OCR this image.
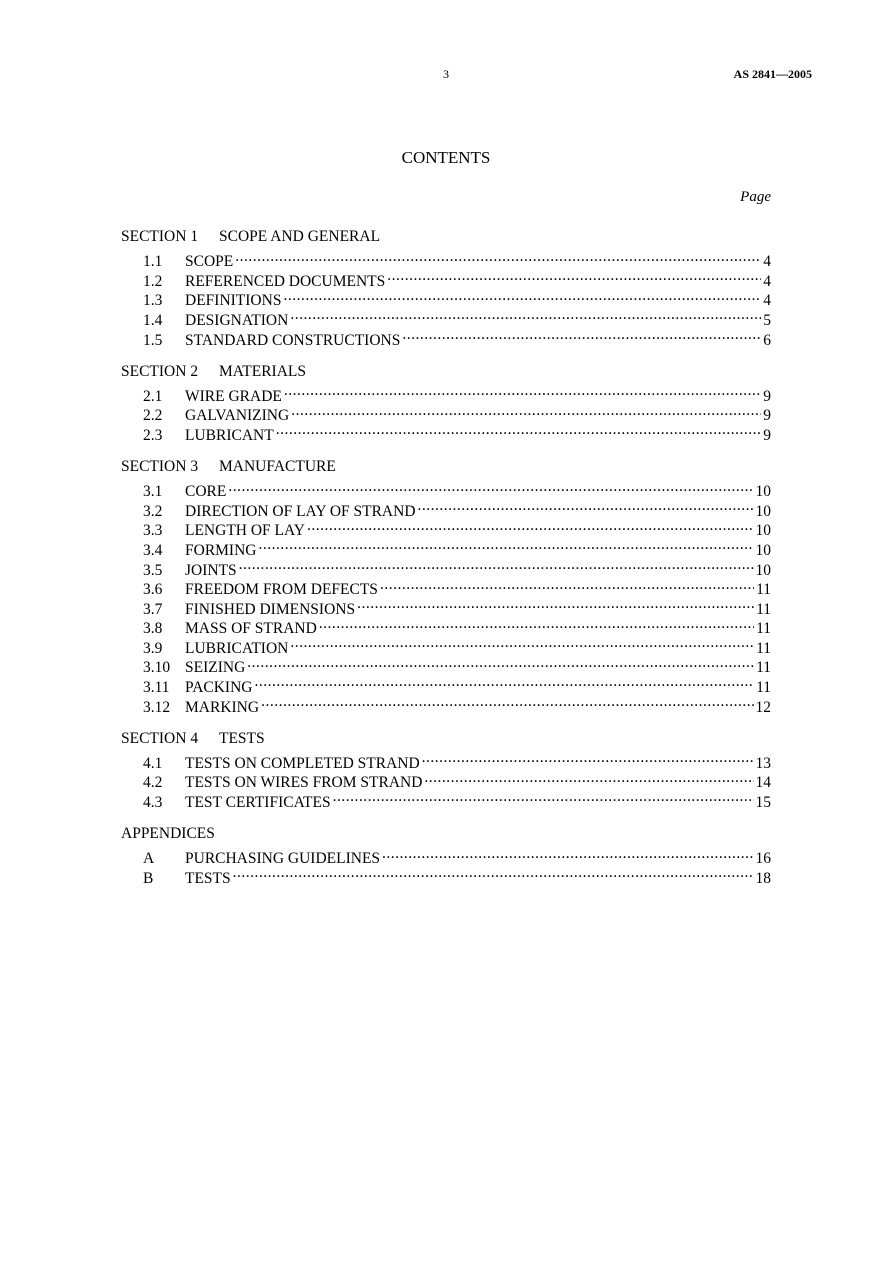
3	AS 2841—2005
CONTENTS
Page
SECTION 1 SCOPE AND GENERAL
1.1	SCOPE .....	4
1.2	REFERENCED DOCUMENTS .....	4
1.3	DEFINITIONS .....	4
1.4	DESIGNATION .....	5
1.5	STANDARD CONSTRUCTIONS .....	6
SECTION 2 MATERIALS
2.1	WIRE GRADE .....	9
2.2	GALVANIZING .....	9
2.3	LUBRICANT .....	9
SECTION 3 MANUFACTURE
3.1	CORE .....	10
3.2	DIRECTION OF LAY OF STRAND .....	10
3.3	LENGTH OF LAY .....	10
3.4	FORMING .....	10
3.5	JOINTS .....	10
3.6	FREEDOM FROM DEFECTS .....	11
3.7	FINISHED DIMENSIONS .....	11
3.8	MASS OF STRAND .....	11
3.9	LUBRICATION .....	11
3.10 SEIZING .....	11
3.11 PACKING .....	11
3.12 MARKING .....	12
SECTION 4 TESTS
4.1	TESTS ON COMPLETED STRAND .....	13
4.2	TESTS ON WIRES FROM STRAND .....	14
4.3	TEST CERTIFICATES .....	15
APPENDICES
A	PURCHASING GUIDELINES .....	16
B	TESTS .....	18
